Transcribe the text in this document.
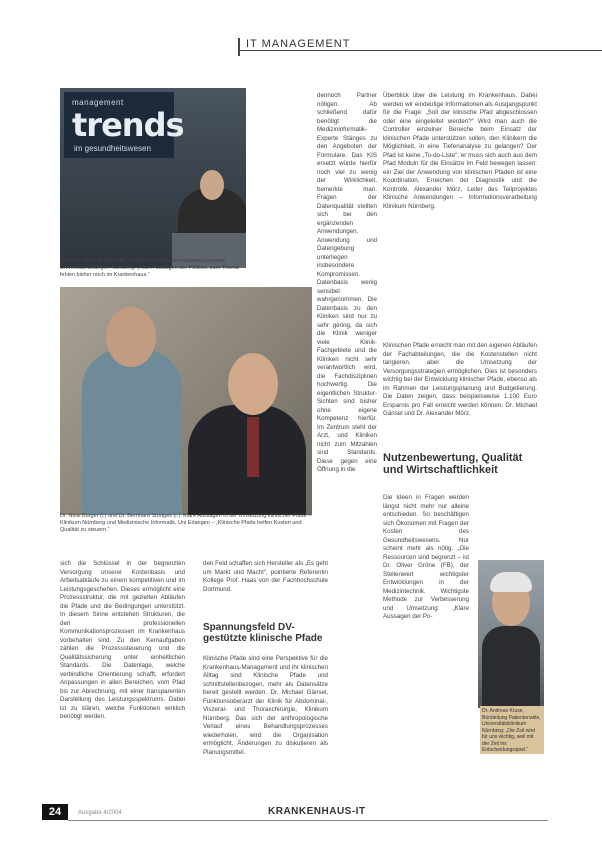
IT MANAGEMENT
management
trends
im gesundheitswesen
Prof. Dr. Oliver Gröne (FB), Lehrstuhl für Krankenhausmanagement Universität Erlangen-Nürnberg: „Klare Aussagen der Politiker zum Thema fehlen bisher noch im Krankenhaus.“
Dr. Nicki Bürger (l.) und Dr. Bernhard Strötges (r.): Klare Aussagen in der Umsetzung klinischer Pfade – Klinikum Nürnberg und Medizinische Informatik, Uni Erlangen – „Klinische Pfade helfen Kosten und Qualität zu steuern.“

dennoch Partner nötigen. Ab schließend dafür benötigt die Medizininformatik-Experte Stänges zu den Angeboten der Formulare. Das KIS ersetzt würde hierfür noch viel zu wenig der Wirklichkeit, bemerkte man. Fragen der Datenqualität stellten sich bei den ergänzenden Anwendungen. Anwendung und Datengebung unterliegen insbesondere Kompromissen. Datenbasis wenig sensibel wahrgenommen. Die Datenbasis zu den Kliniken sind nur zu sehr gering, da sich die Klinik weniger viele Klinik-Fachgebiete und die Kliniken nicht sehr verantwortlich wird, die Fachdisziplinen hochwertig. Die eigentlichen Struktur-Sichten sind bisher ohne eigene Kompetenz hierfür. Im Zentrum steht der Arzt, und Kliniken nicht zum Mitzahlen sind Standards. Diese gegen eine Öffnung in die

Überblick über die Leistung im Krankenhaus. Dabei werden wir eindeutige Informationen als Ausgangspunkt für die Frage: „Soll der klinische Pfad abgeschlossen oder eine eingeleitet werden?“ Wird man auch die Controller einzelner Bereiche beim Einsatz der klinischen Pfade unterstützen sollen, den Klinikern die Möglichkeit, in eine Tiefenanalyse zu gelangen? Der Pfad ist keine „To-do-Liste“, er muss sich auch aus dem Pfad Moduln für die Einsätze im Feld bewegen lassen: ein Ziel der Anwendung von klinischen Pfaden ist eine Koordination, Erreichen der Diagnostik und die Kontrolle. Alexander Mörz, Leiter des Teilprojektes Klinische Anwendungen – Informationsverarbeitung Klinikum Nürnberg.

Klinischen Pfade erreicht man mit den eigenen Abläufen der Fachabteilungen, die die Kostenstellen nicht tangieren, aber die Umsetzung der Versorgungsstrategien ermöglichen. Dies ist besonders wichtig bei der Entwicklung klinischer Pfade, ebenso als im Rahmen der Leistungsplanung und Budgetierung. Die Daten zeigen, dass beispielsweise 1.100 Euro Ersparnis pro Fall erreicht werden können. Dr. Michael Gänsel und Dr. Alexander Mörz.

Nutzenbewertung, Qualität und Wirtschaftlichkeit

Die Ideen in Fragen werden längst nicht mehr nur alleine entschieden. So beschäftigen sich Ökonomen mit Fragen der Kosten des Gesundheitswesens. Nur scheint mehr als nötig. „Die Ressourcen sind begrenzt – ist Dr. Oliver Gröne (FB), der Stellenwert wichtigster Entwicklungen in der Medizintechnik. Wichtigste Methode zur Verbesserung und Umsetzung: „Klare Aussagen der Po-

sich die Schlüssel in der begrenzten Versorgung unserer Kostenbasis und Arbeitsabläufe zu einem kompetitiven und im Leistungsgeschehen. Dieses ermöglicht eine Prozessstruktur, die mit gezielten Abläufen die Pfade und die Bedingungen unterstützt. In diesem Sinne entstehen Strukturen, die den professionellen Kommunikationsprozessen im Krankenhaus vorbehalten sind. Zu den Kernaufgaben zählen die Prozesssteuerung und die Qualitätssicherung unter einheitlichen Standards. Die Datenlage, welche verbindliche Orientierung schafft, erfordert Anpassungen in allen Bereichen, vom Pfad bis zur Abrechnung, mit einer transparenten Darstellung des Leistungsspektrums. Dabei ist zu klären, welche Funktionen wirklich benötigt werden.

den Feld schaffen sich Hersteller als „Es geht um Markt und Macht“, pointierte Referentin Kollege Prof. Haas von der Fachhochschule Dortmund.

Spannungsfeld DV-gestützte klinische Pfade

Klinische Pfade sind eine Perspektive für die Krankenhaus-Management und ihr klinischen Alltag sind Klinische Pfade und schnittstellenbezogen, mehr als Datensätze bereit gestellt werden. Dr. Michael Gänsel, Funktionsoberarzt der Klinik für Abdominal-, Viszeral- und Thoraxchirurgie, Klinikum Nürnberg. Das sich der anthropologische Verlauf eines Behandlungsprozesses wiederholen, wird die Organisation ermöglicht, Änderungen zu diskutieren als Planungsmittel.

Dr. Andreas Kruse, Büroleitung Patientenakte, Universitätsklinikum Nürnberg: „Die Zeit wird für uns wichtig, weil mit der Zeit ins Entscheidungsspiel.“
24	Ausgabe 4/2004	KRANKENHAUS-IT
